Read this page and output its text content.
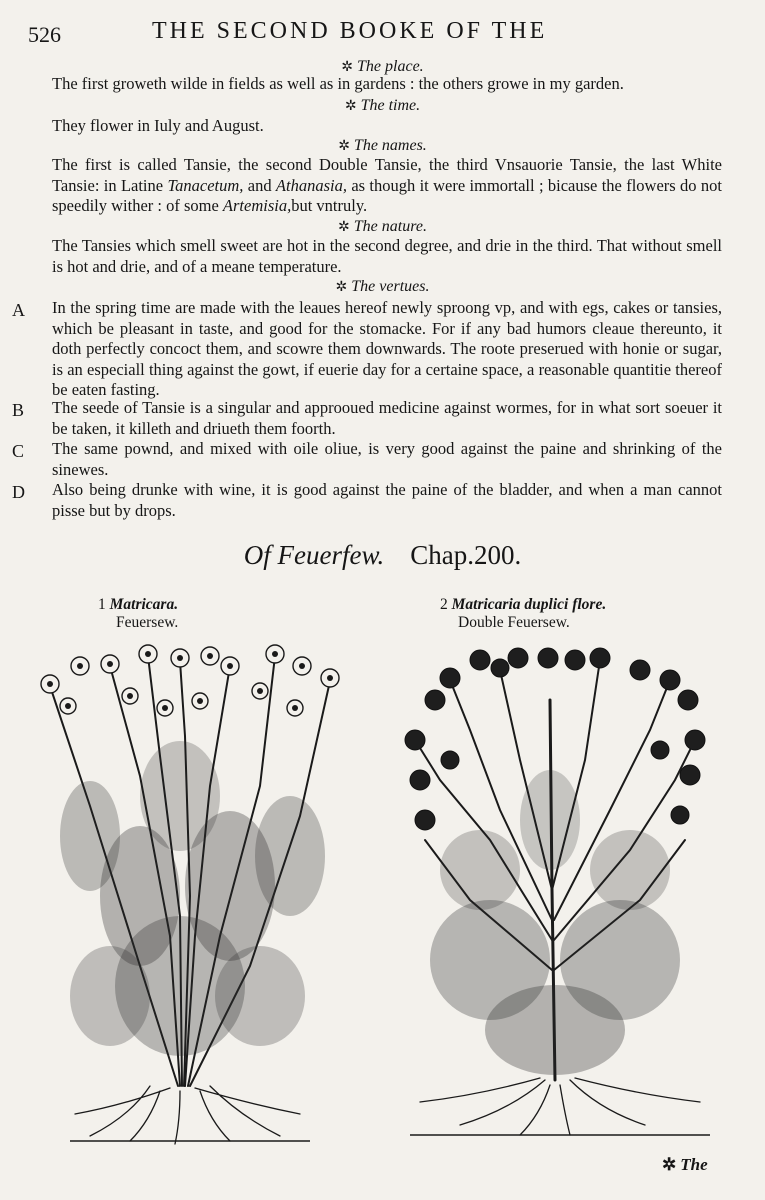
526	THE SECOND BOOKE OF THE
✲ The place.
The first groweth wilde in fields as well as in gardens : the others growe in my garden.
✲ The time.
They flower in Iuly and August.
✲ The names.
The first is called Tansie, the second Double Tansie, the third Vnsauorie Tansie, the last White Tansie: in Latine Tanacetum, and Athanasia, as though it were immortall ; bicause the flowers do not speedily wither : of some Artemisia,but vntruly.
✲ The nature.
The Tansies which smell sweet are hot in the second degree, and drie in the third. That without smell is hot and drie, and of a meane temperature.
✲ The vertues.
A In the spring time are made with the leaues hereof newly sproong vp, and with egs, cakes or tansies, which be pleasant in taste, and good for the stomacke. For if any bad humors cleaue thereunto, it doth perfectly concoct them, and scowre them downwards. The roote preserued with honie or sugar, is an especiall thing against the gowt, if euerie day for a certaine space, a reasonable quantitie thereof be eaten fasting.
B The seede of Tansie is a singular and approoued medicine against wormes, for in what sort soeuer it be taken, it killeth and driueth them foorth.
C The same pownd, and mixed with oile oliue, is very good against the paine and shrinking of the sinewes.
D Also being drunke with wine, it is good against the paine of the bladder, and when a man cannot pisse but by drops.
Of Feuerfew. Chap.200.
1 Matricara.
Feuersew.
2 Matricaria duplici flore.
Double Feuersew.
✲ The
